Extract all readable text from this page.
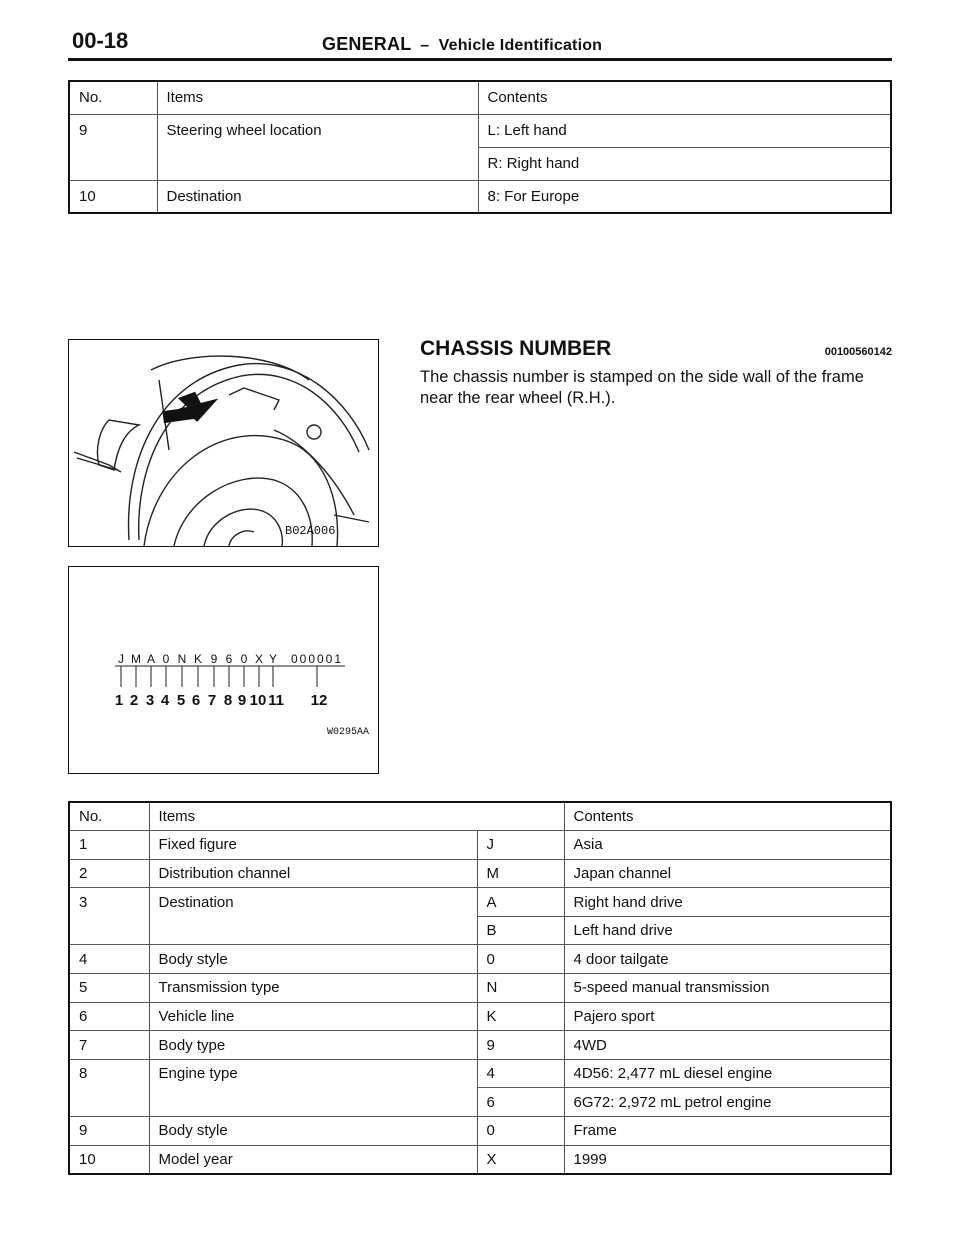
00-18	GENERAL – Vehicle Identification
No.	Items	Contents
9	Steering wheel location	L: Left hand
		R: Right hand
10	Destination	8: For Europe
B02A006
J M A 0 N K 9 6 0 X Y 000001
1 2 3 4 5 6 7 8 9 10 11 12
W0295AA
CHASSIS NUMBER	00100560142
The chassis number is stamped on the side wall of the frame near the rear wheel (R.H.).
No.	Items		Contents
1	Fixed figure	J	Asia
2	Distribution channel	M	Japan channel
3	Destination	A	Right hand drive
		B	Left hand drive
4	Body style	0	4 door tailgate
5	Transmission type	N	5-speed manual transmission
6	Vehicle line	K	Pajero sport
7	Body type	9	4WD
8	Engine type	4	4D56: 2,477 mL diesel engine
		6	6G72: 2,972 mL petrol engine
9	Body style	0	Frame
10	Model year	X	1999
